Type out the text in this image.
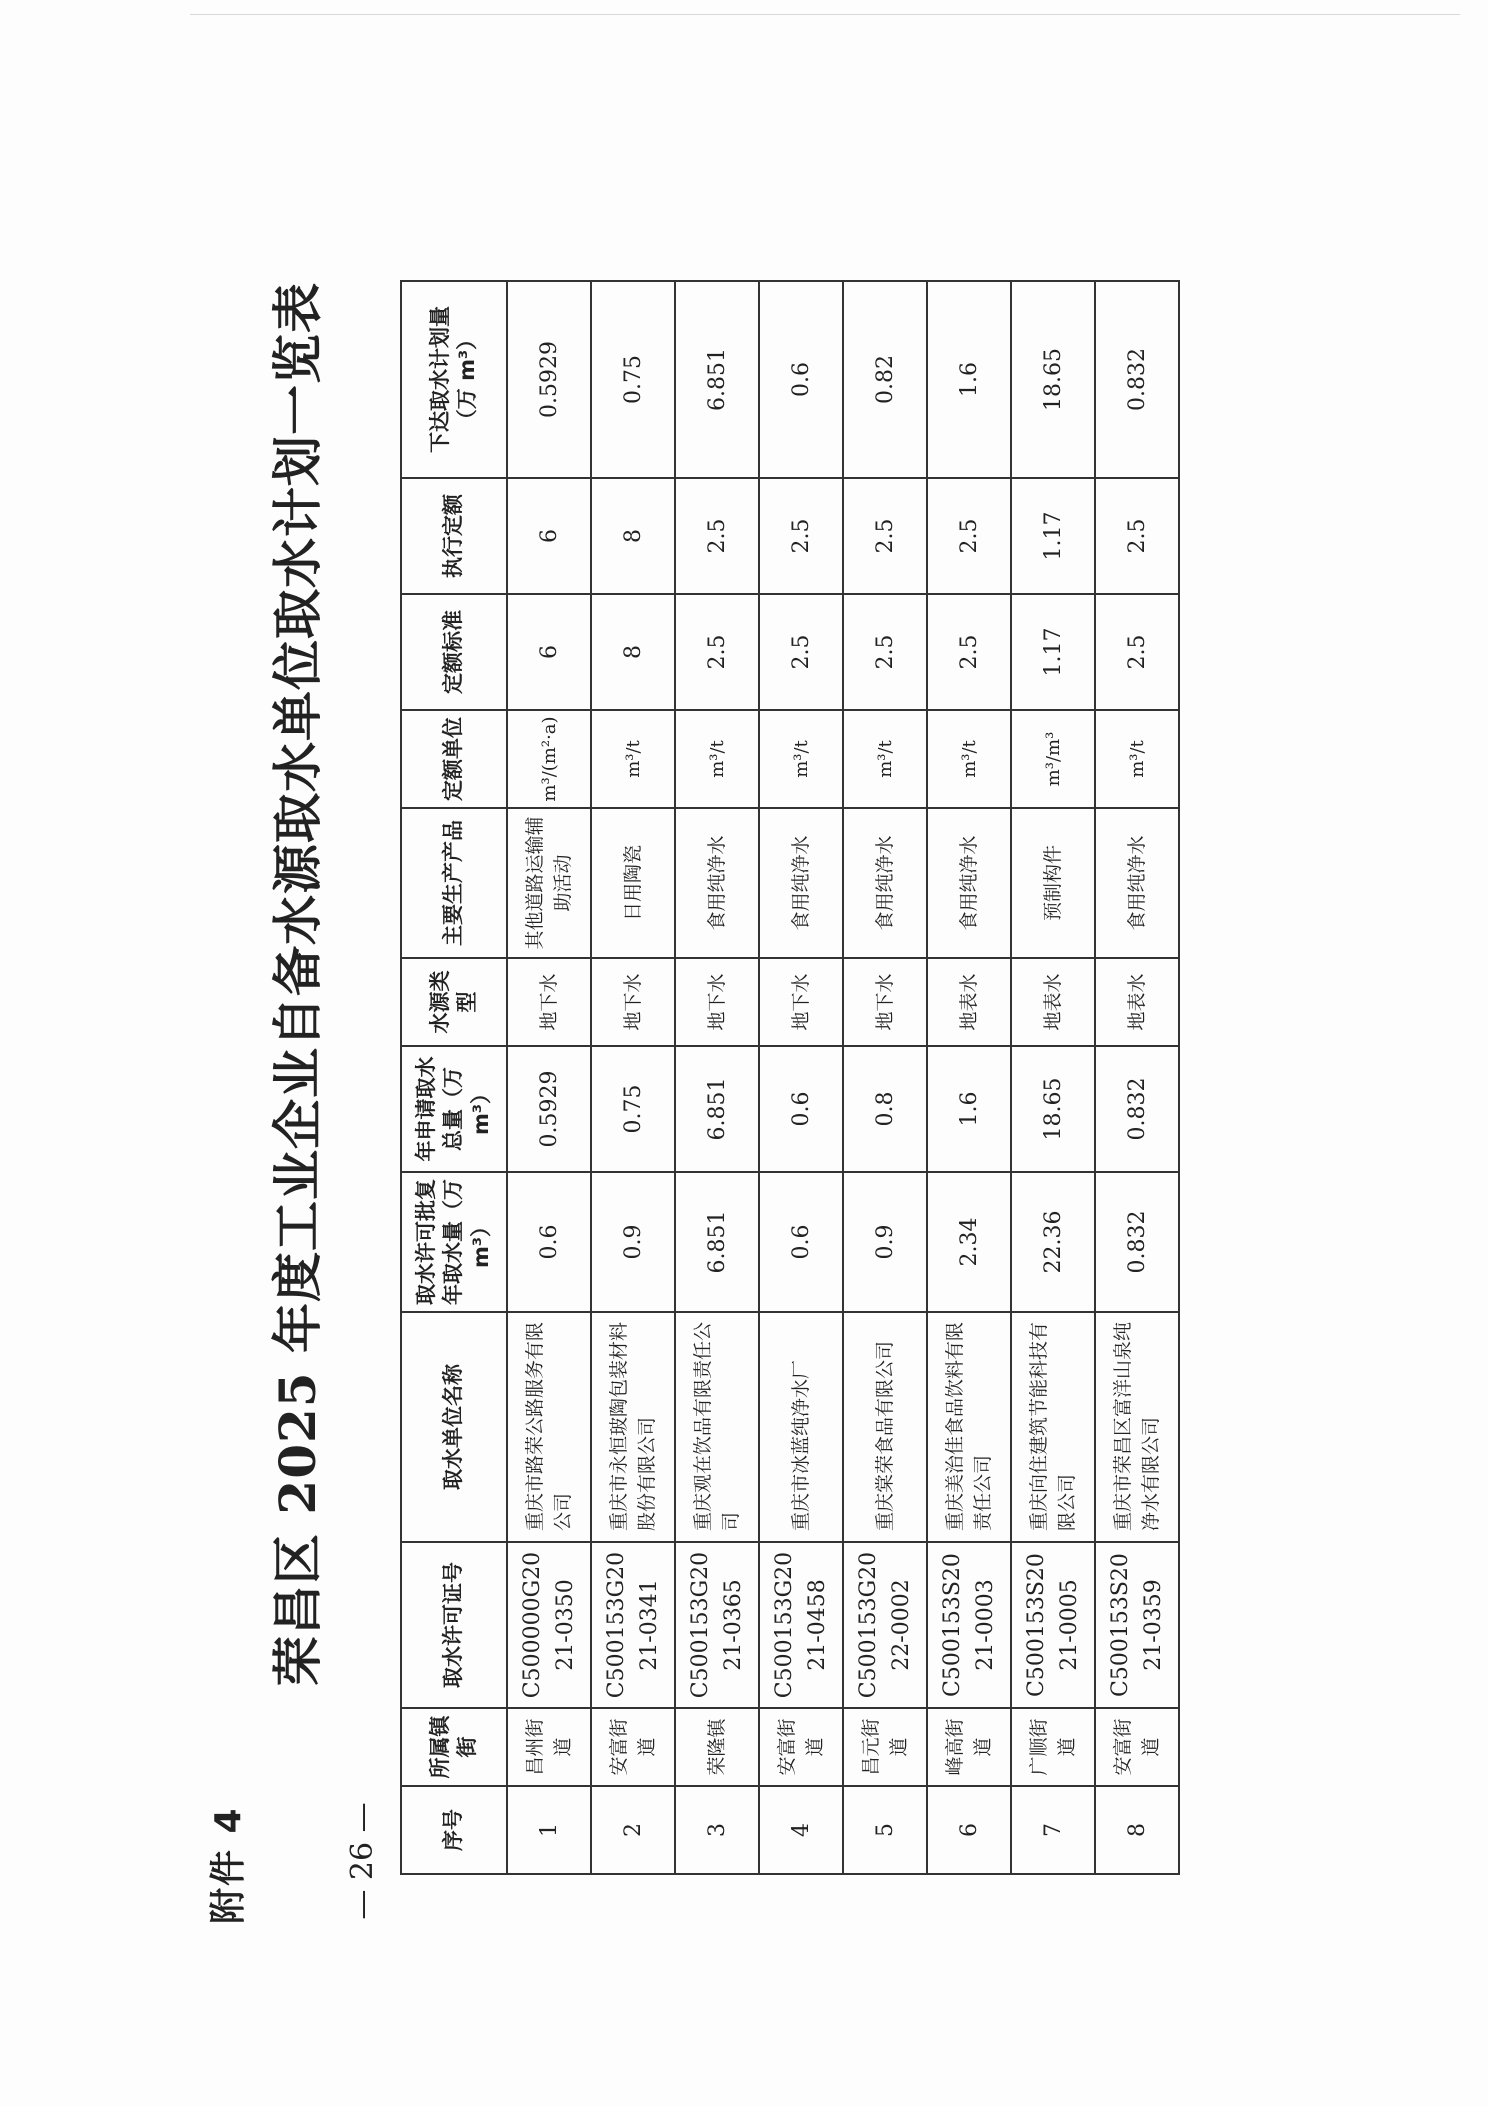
附件 4
荣昌区 2025 年度工业企业自备水源取水单位取水计划一览表
— 26 —	序号	所属镇街	取水许可证号	取水单位名称	取水许可批复年取水量（万 m³）	年申请取水总量（万 m³）	水源类型	主要生产产品	定额单位	定额标准	执行定额	下达取水计划量（万 m³）
1	昌州街道	C500000G2021-0350	重庆市路荣公路服务有限公司	0.6	0.5929	地下水	其他道路运输辅助活动	m³/(m²·a)	6	6	0.5929
2	安富街道	C500153G2021-0341	重庆市永恒玻陶包装材料股份有限公司	0.9	0.75	地下水	日用陶瓷	m³/t	8	8	0.75
3	荣隆镇	C500153G2021-0365	重庆观在饮品有限责任公司	6.851	6.851	地下水	食用纯净水	m³/t	2.5	2.5	6.851
4	安富街道	C500153G2021-0458	重庆市冰蓝纯净水厂	0.6	0.6	地下水	食用纯净水	m³/t	2.5	2.5	0.6
5	昌元街道	C500153G2022-0002	重庆棠荣食品有限公司	0.9	0.8	地下水	食用纯净水	m³/t	2.5	2.5	0.82
6	峰高街道	C500153S2021-0003	重庆美治佳食品饮料有限责任公司	2.34	1.6	地表水	食用纯净水	m³/t	2.5	2.5	1.6
7	广顺街道	C500153S2021-0005	重庆向住建筑节能科技有限公司	22.36	18.65	地表水	预制构件	m³/m³	1.17	1.17	18.65
8	安富街道	C500153S2021-0359	重庆市荣昌区富洋山泉纯净水有限公司	0.832	0.832	地表水	食用纯净水	m³/t	2.5	2.5	0.832
